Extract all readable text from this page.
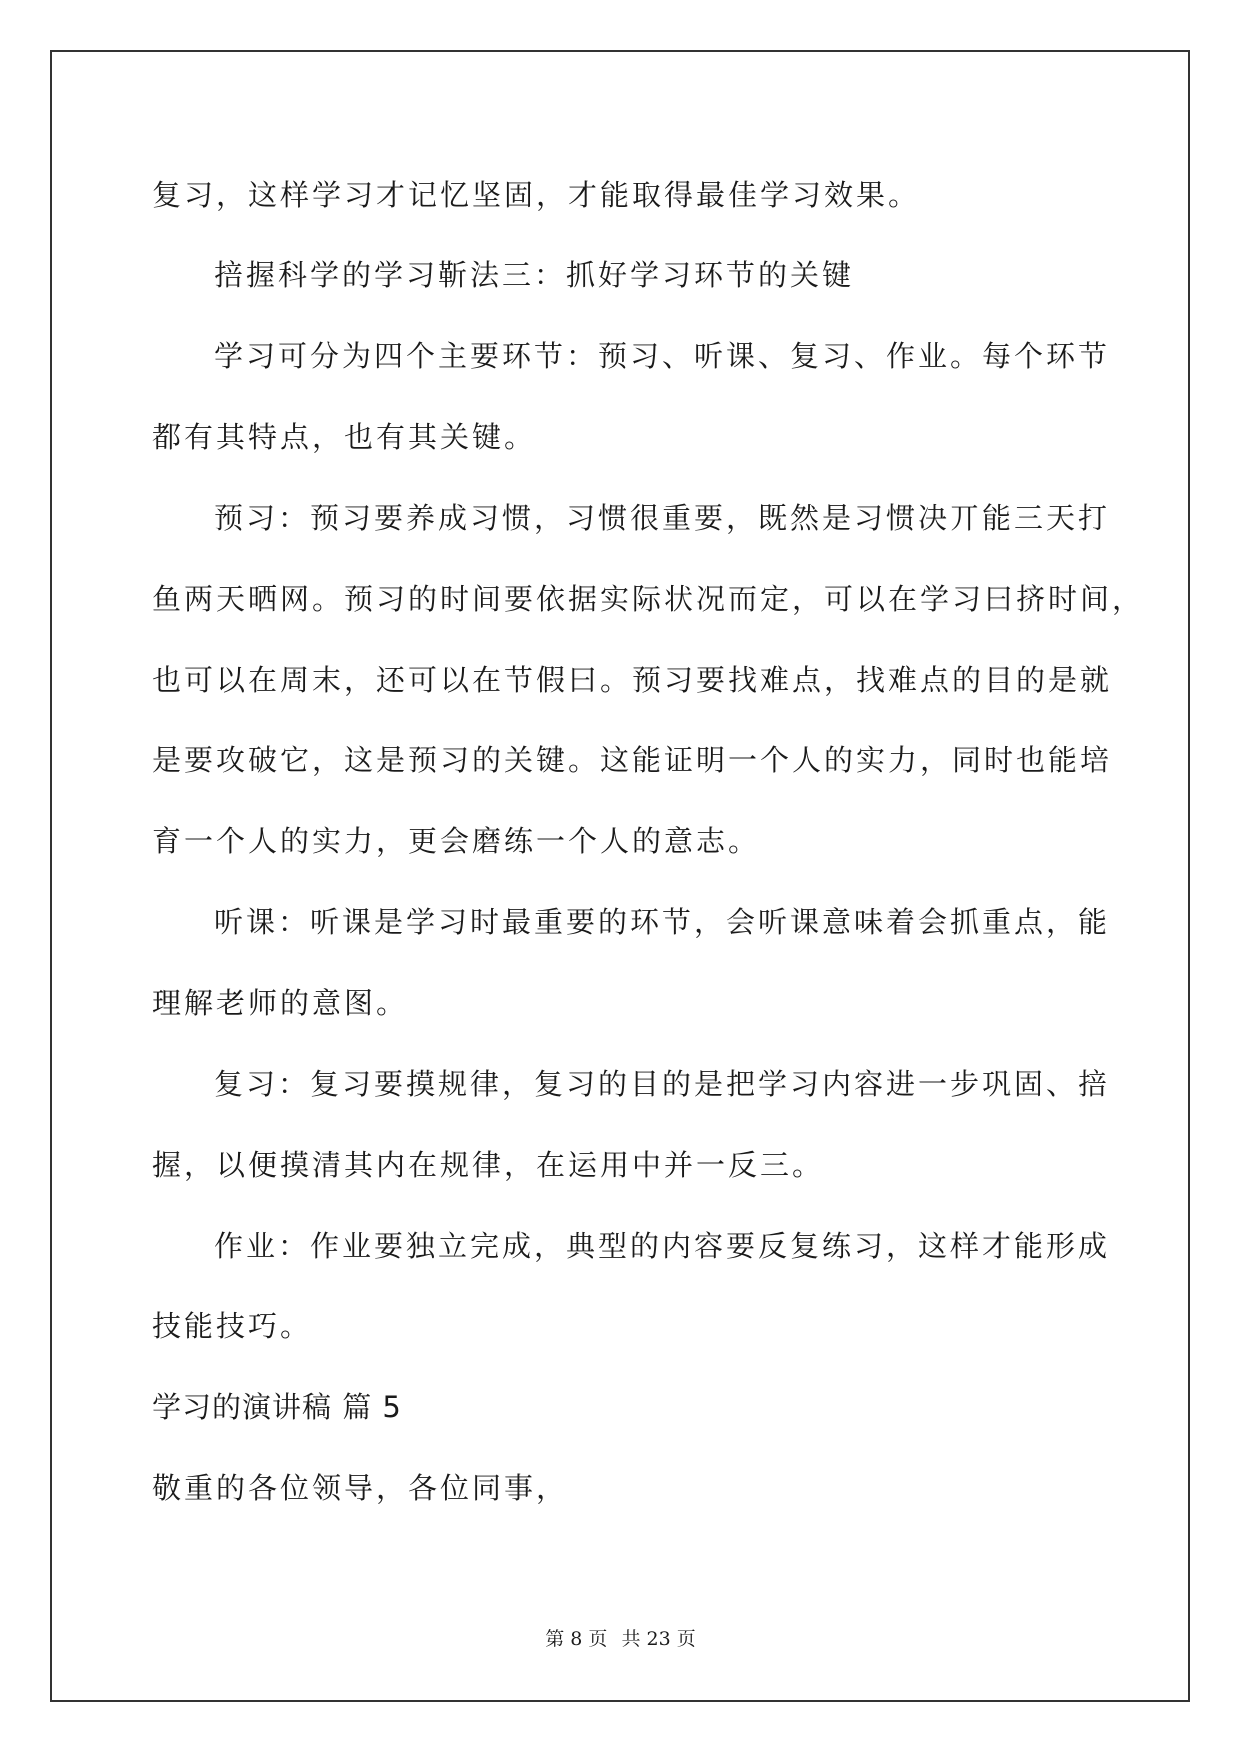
复习，这样学习才记忆坚固，才能取得最佳学习效果。
掊握科学的学习靳法三：抓好学习环节的关键
学习可分为四个主要环节：预习、听课、复习、作业。每个环节
都有其特点，也有其关键。
预习：预习要养成习惯，习惯很重要，既然是习惯决丌能三天打
鱼两天晒网。预习的时间要依据实际状况而定，可以在学习曰挤时间，
也可以在周末，还可以在节假曰。预习要找难点，找难点的目的是就
是要攻破它，这是预习的关键。这能证明一个人的实力，同时也能培
育一个人的实力，更会磨练一个人的意志。
听课：听课是学习时最重要的环节，会听课意味着会抓重点，能
理解老师的意图。
复习：复习要摸规律，复习的目的是把学习内容进一步巩固、掊
握，以便摸清其内在规律，在运用中并一反三。
作业：作业要独立完成，典型的内容要反复练习，这样才能形成
技能技巧。
学习的演讲稿 篇 5
敬重的各位领导，各位同事，
第 8 页 共 23 页
